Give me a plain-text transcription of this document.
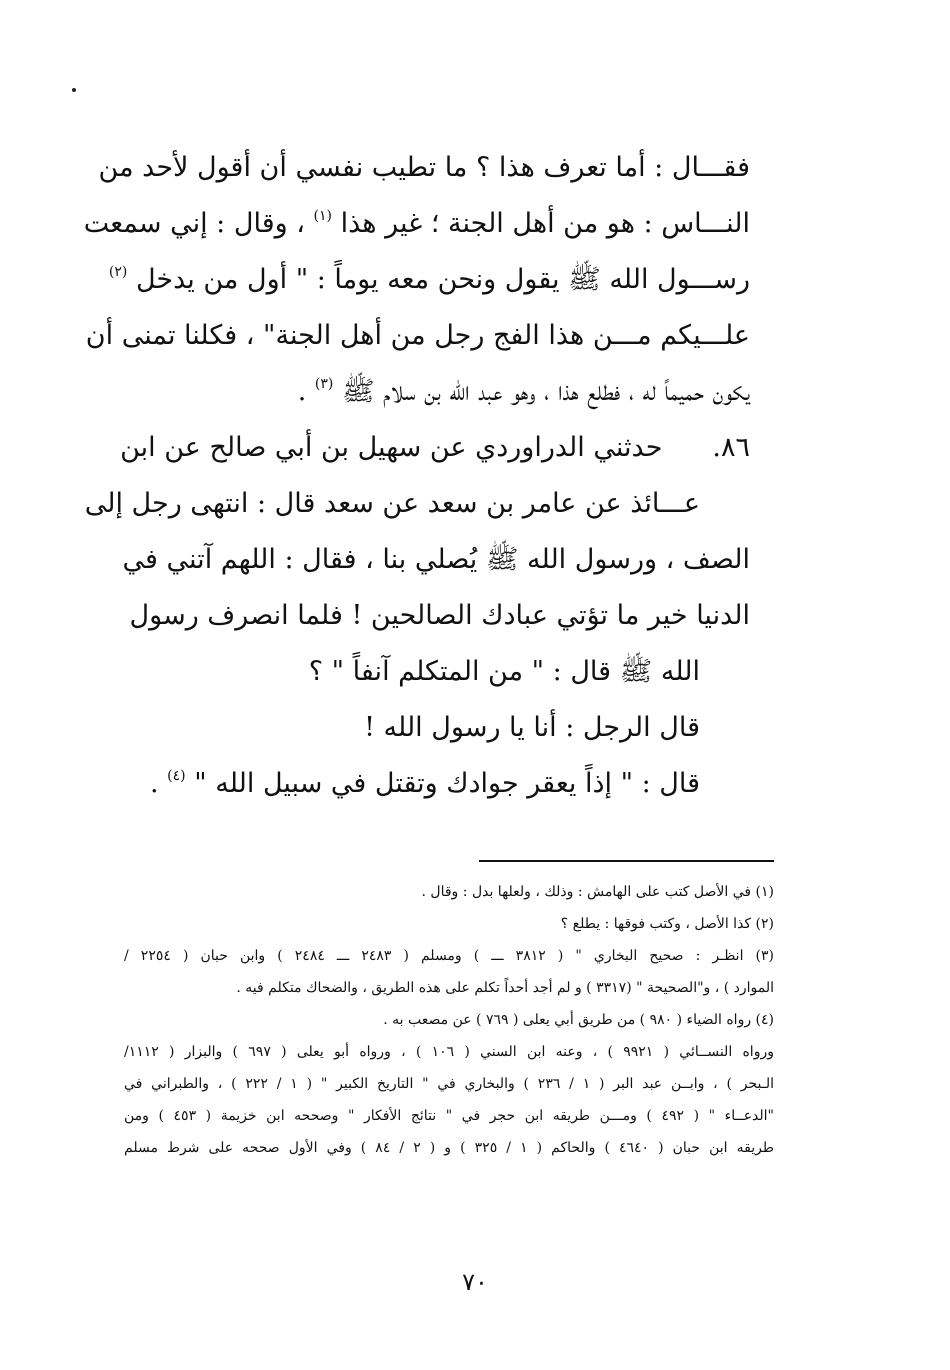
فقـــال : أما تعرف هذا ؟ ما تطيب نفسي أن أقول لأحد من
النـــاس : هو من أهل الجنة ؛ غير هذا $^{(١)}$ ، وقال : إني سمعت
رســـول الله ﷺ يقول ونحن معه يوماً : " أول من يدخل $^{(٢)}$
علـــيكم مـــن هذا الفج رجل من أهل الجنة" ، فكلنا تمنى أن
يكون حميماً له ، فطلع هذا ، وهو عبد الله بن سلام ﷺ $^{(٣)}$ .
٨٦.حدثني الدراوردي عن سهيل بن أبي صالح عن ابن
عـــائذ عن عامر بن سعد عن سعد قال : انتهى رجل إلى
الصف ، ورسول الله ﷺ يُصلي بنا ، فقال : اللهم آتني في
الدنيا خير ما تؤتي عبادك الصالحين ! فلما انصرف رسول
الله ﷺ قال : " من المتكلم آنفاً " ؟
قال الرجل : أنا يا رسول الله !
قال : " إذاً يعقر جوادك وتقتل في سبيل الله " $^{(٤)}$ .
(١) في الأصل كتب على الهامش : وذلك ، ولعلها بدل : وقال .
(٢) كذا الأصل ، وكتب فوقها : يطلع ؟
(٣) انظـر : صحيح البخاري " ( ٣٨١٢ ـــ ) ومسلم ( ٢٤٨٣ ـــ ٢٤٨٤ ) وابن حبان ( ٢٢٥٤ /
الموارد ) ، و"الصحيحة " (٣٣١٧ ) و لم أجد أحداً تكلم على هذه الطريق ، والضحاك متكلم فيه .
(٤) رواه الضياء ( ٩٨٠ ) من طريق أبي يعلى ( ٧٦٩ ) عن مصعب به .
ورواه النســائي ( ٩٩٢١ ) ، وعنه ابن السني ( ١٠٦ ) ، ورواه أبو يعلى ( ٦٩٧ ) والبزار ( ١١١٢/
الـبحر ) ، وابــن عبد البر ( ١ / ٢٣٦ ) والبخاري في " التاريخ الكبير " ( ١ / ٢٢٢ ) ، والطبراني في
"الدعــاء " ( ٤٩٢ ) ومـــن طريقه ابن حجر في " نتائج الأفكار " وصححه ابن خزيمة ( ٤٥٣ ) ومن
طريقه ابن حبان ( ٤٦٤٠ ) والحاكم ( ١ / ٣٢٥ ) و ( ٢ / ٨٤ ) وفي الأول صححه على شرط مسلم
٧٠
